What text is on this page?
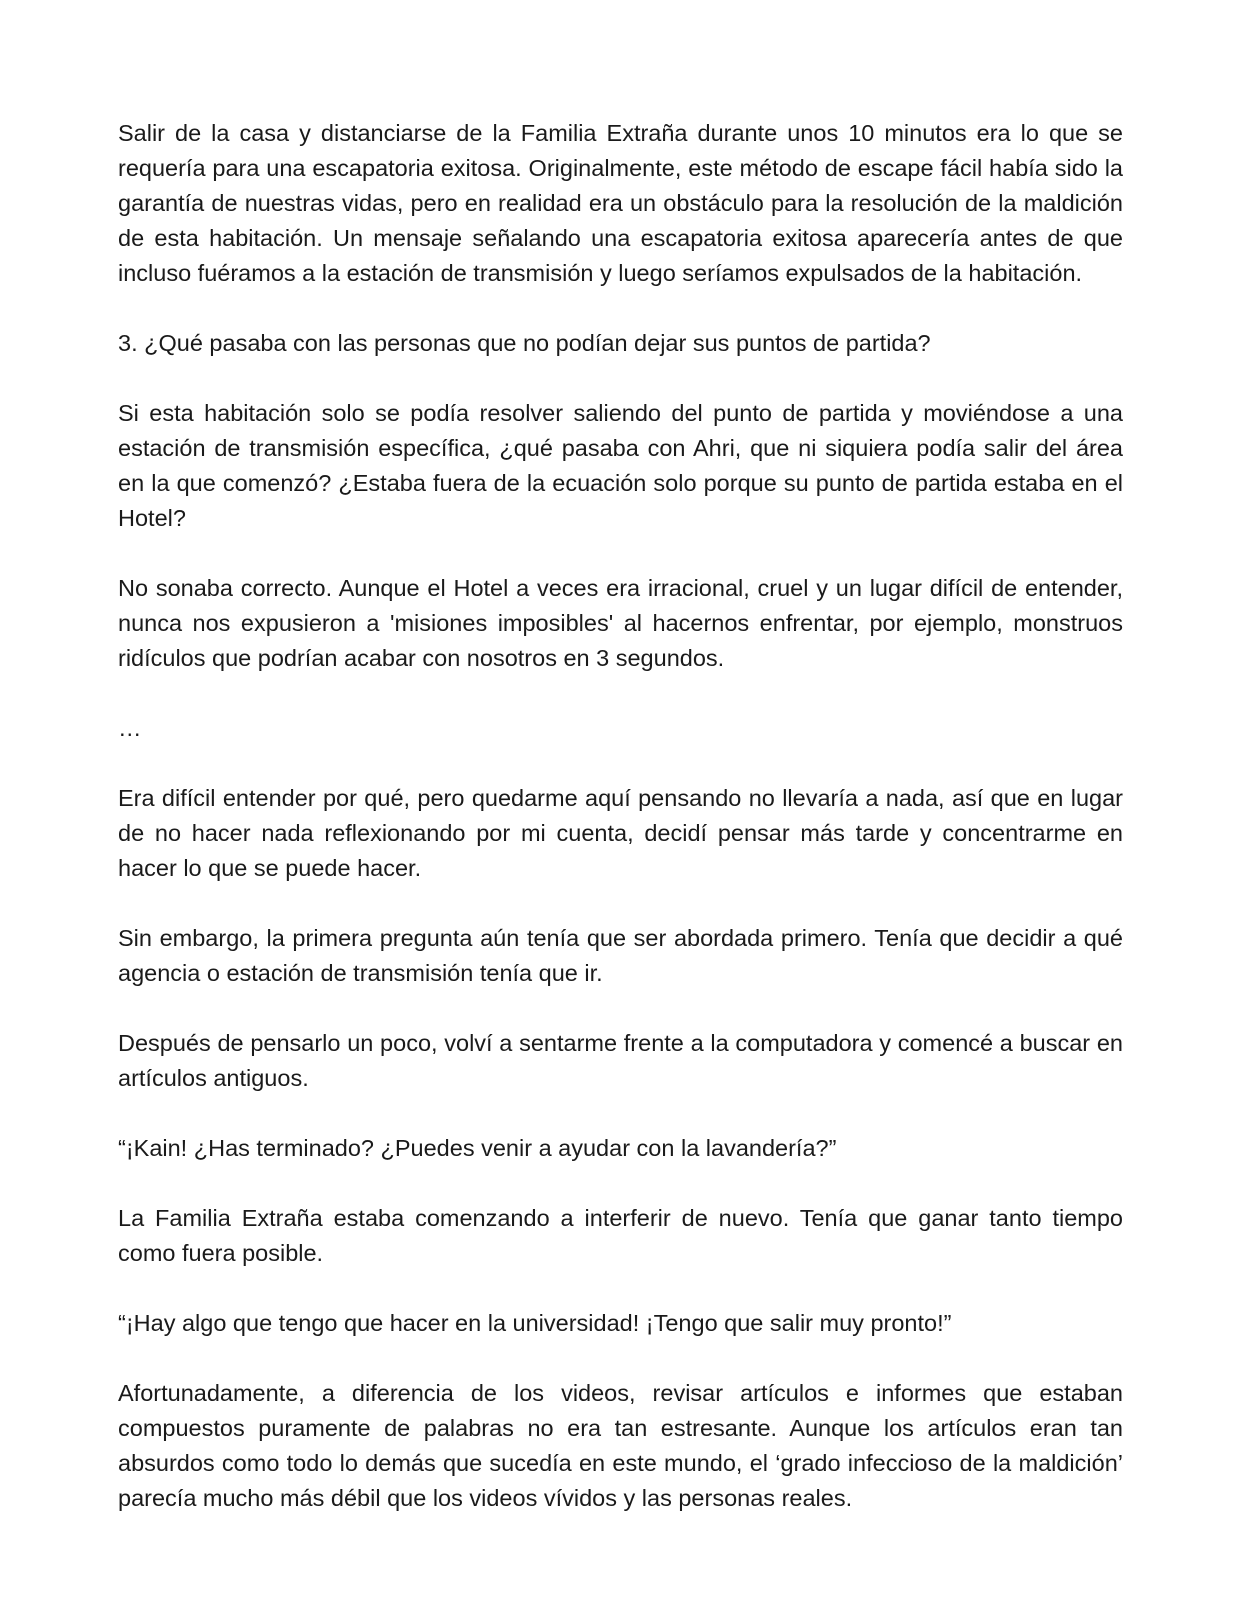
Salir de la casa y distanciarse de la Familia Extraña durante unos 10 minutos era lo que se requería para una escapatoria exitosa. Originalmente, este método de escape fácil había sido la garantía de nuestras vidas, pero en realidad era un obstáculo para la resolución de la maldición de esta habitación. Un mensaje señalando una escapatoria exitosa aparecería antes de que incluso fuéramos a la estación de transmisión y luego seríamos expulsados de la habitación.

3. ¿Qué pasaba con las personas que no podían dejar sus puntos de partida?

Si esta habitación solo se podía resolver saliendo del punto de partida y moviéndose a una estación de transmisión específica, ¿qué pasaba con Ahri, que ni siquiera podía salir del área en la que comenzó? ¿Estaba fuera de la ecuación solo porque su punto de partida estaba en el Hotel?

No sonaba correcto. Aunque el Hotel a veces era irracional, cruel y un lugar difícil de entender, nunca nos expusieron a 'misiones imposibles' al hacernos enfrentar, por ejemplo, monstruos ridículos que podrían acabar con nosotros en 3 segundos.

…

Era difícil entender por qué, pero quedarme aquí pensando no llevaría a nada, así que en lugar de no hacer nada reflexionando por mi cuenta, decidí pensar más tarde y concentrarme en hacer lo que se puede hacer.

Sin embargo, la primera pregunta aún tenía que ser abordada primero. Tenía que decidir a qué agencia o estación de transmisión tenía que ir.

Después de pensarlo un poco, volví a sentarme frente a la computadora y comencé a buscar en artículos antiguos.

“¡Kain! ¿Has terminado? ¿Puedes venir a ayudar con la lavandería?”

La Familia Extraña estaba comenzando a interferir de nuevo. Tenía que ganar tanto tiempo como fuera posible.

“¡Hay algo que tengo que hacer en la universidad! ¡Tengo que salir muy pronto!”

Afortunadamente, a diferencia de los videos, revisar artículos e informes que estaban compuestos puramente de palabras no era tan estresante. Aunque los artículos eran tan absurdos como todo lo demás que sucedía en este mundo, el ‘grado infeccioso de la maldición’ parecía mucho más débil que los videos vívidos y las personas reales.
